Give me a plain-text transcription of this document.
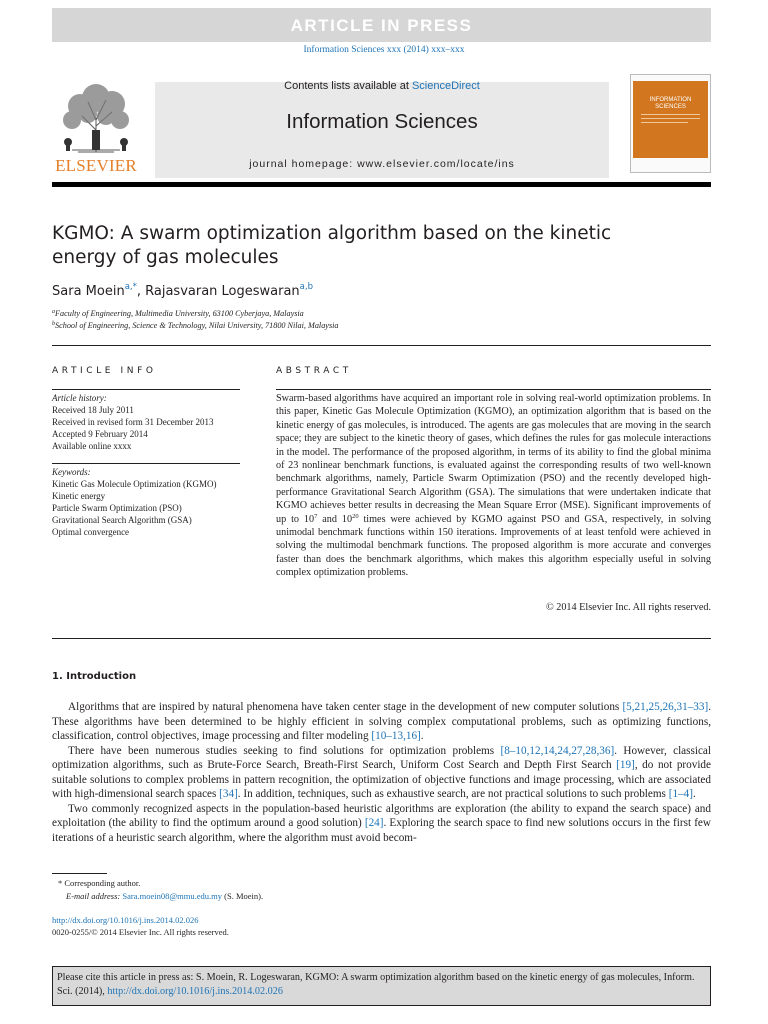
ARTICLE IN PRESS
Information Sciences xxx (2014) xxx–xxx
ELSEVIER
Contents lists available at ScienceDirect
Information Sciences
journal homepage: www.elsevier.com/locate/ins
INFORMATION
SCIENCES
KGMO: A swarm optimization algorithm based on the kinetic energy of gas molecules
Sara Moein$^{a,*}$, Rajasvaran Logeswaran$^{a,b}$
$^a$Faculty of Engineering, Multimedia University, 63100 Cyberjaya, Malaysia
$^b$School of Engineering, Science & Technology, Nilai University, 71800 Nilai, Malaysia
ARTICLE INFO
Article history:
Received 18 July 2011
Received in revised form 31 December 2013
Accepted 9 February 2014
Available online xxxx
Keywords:
Kinetic Gas Molecule Optimization (KGMO)
Kinetic energy
Particle Swarm Optimization (PSO)
Gravitational Search Algorithm (GSA)
Optimal convergence
ABSTRACT
Swarm-based algorithms have acquired an important role in solving real-world optimization problems. In this paper, Kinetic Gas Molecule Optimization (KGMO), an optimization algorithm that is based on the kinetic energy of gas molecules, is introduced. The agents are gas molecules that are moving in the search space; they are subject to the kinetic theory of gases, which defines the rules for gas molecule interactions in the model. The performance of the proposed algorithm, in terms of its ability to find the global minima of 23 nonlinear benchmark functions, is evaluated against the corresponding results of two well-known benchmark algorithms, namely, Particle Swarm Optimization (PSO) and the recently developed high-performance Gravitational Search Algorithm (GSA). The simulations that were undertaken indicate that KGMO achieves better results in decreasing the Mean Square Error (MSE). Significant improvements of up to $10^7$ and $10^{20}$ times were achieved by KGMO against PSO and GSA, respectively, in solving unimodal benchmark functions within 150 iterations. Improvements of at least tenfold were achieved in solving the multimodal benchmark functions. The proposed algorithm is more accurate and converges faster than does the benchmark algorithms, which makes this algorithm especially useful in solving complex optimization problems.
© 2014 Elsevier Inc. All rights reserved.
1. Introduction

Algorithms that are inspired by natural phenomena have taken center stage in the development of new computer solutions [5,21,25,26,31–33]. These algorithms have been determined to be highly efficient in solving complex computational problems, such as optimizing functions, classification, control objectives, image processing and filter modeling [10–13,16].

There have been numerous studies seeking to find solutions for optimization problems [8–10,12,14,24,27,28,36]. However, classical optimization algorithms, such as Brute-Force Search, Breath-First Search, Uniform Cost Search and Depth First Search [19], do not provide suitable solutions to complex problems in pattern recognition, the optimization of objective functions and image processing, which are associated with high-dimensional search spaces [34]. In addition, techniques, such as exhaustive search, are not practical solutions to such problems [1–4].

Two commonly recognized aspects in the population-based heuristic algorithms are exploration (the ability to expand the search space) and exploitation (the ability to find the optimum around a good solution) [24]. Exploring the search space to find new solutions occurs in the first few iterations of a heuristic search algorithm, where the algorithm must avoid becom-

* Corresponding author.
E-mail address: Sara.moein08@mmu.edu.my (S. Moein).
http://dx.doi.org/10.1016/j.ins.2014.02.026
0020-0255/© 2014 Elsevier Inc. All rights reserved.
Please cite this article in press as: S. Moein, R. Logeswaran, KGMO: A swarm optimization algorithm based on the kinetic energy of gas molecules, Inform. Sci. (2014), http://dx.doi.org/10.1016/j.ins.2014.02.026
